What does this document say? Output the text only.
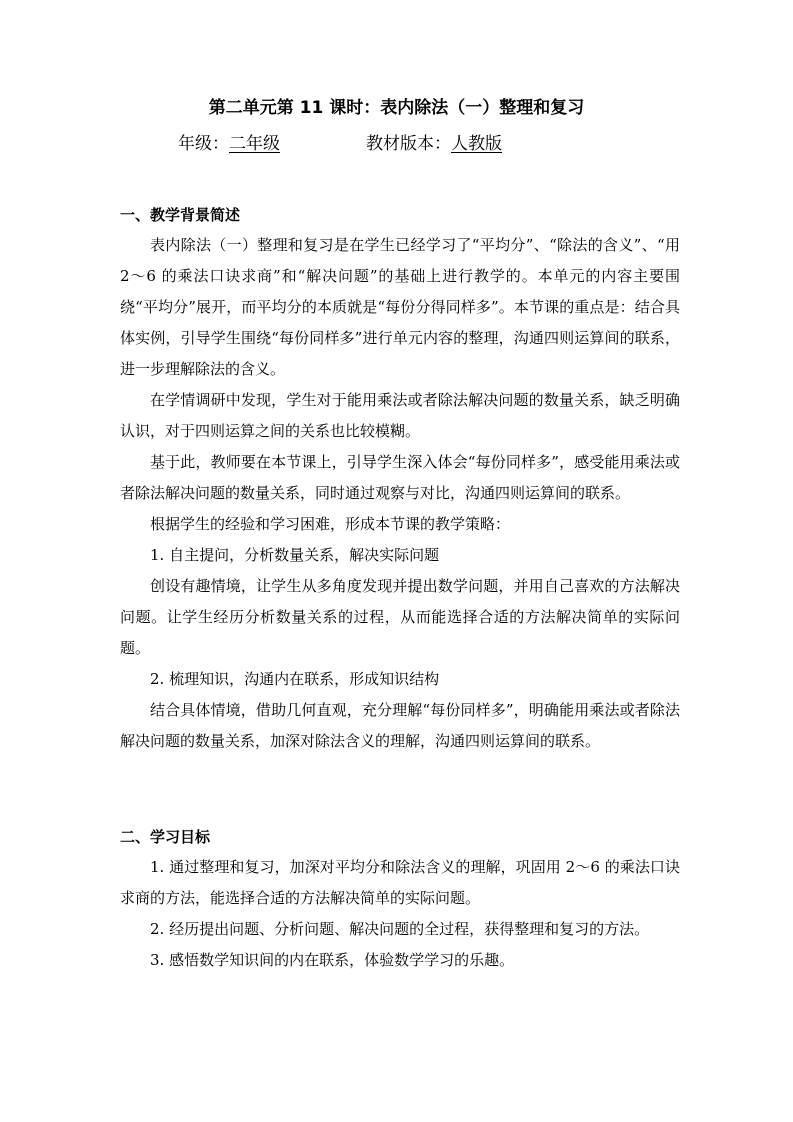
第二单元第 11 课时：表内除法（一）整理和复习
年级：二年级	教材版本：人教版

一、教学背景简述

表内除法（一）整理和复习是在学生已经学习了“平均分”、“除法的含义”、“用 2～6 的乘法口诀求商”和“解决问题”的基础上进行教学的。本单元的内容主要围绕“平均分”展开，而平均分的本质就是“每份分得同样多”。本节课的重点是：结合具体实例，引导学生围绕“每份同样多”进行单元内容的整理，沟通四则运算间的联系，进一步理解除法的含义。

在学情调研中发现，学生对于能用乘法或者除法解决问题的数量关系，缺乏明确认识，对于四则运算之间的关系也比较模糊。

基于此，教师要在本节课上，引导学生深入体会“每份同样多”，感受能用乘法或者除法解决问题的数量关系，同时通过观察与对比，沟通四则运算间的联系。

根据学生的经验和学习困难，形成本节课的教学策略：

1. 自主提问，分析数量关系，解决实际问题

创设有趣情境，让学生从多角度发现并提出数学问题，并用自己喜欢的方法解决问题。让学生经历分析数量关系的过程，从而能选择合适的方法解决简单的实际问题。

2. 梳理知识，沟通内在联系，形成知识结构

结合具体情境，借助几何直观，充分理解“每份同样多”，明确能用乘法或者除法解决问题的数量关系，加深对除法含义的理解，沟通四则运算间的联系。

二、学习目标

1. 通过整理和复习，加深对平均分和除法含义的理解，巩固用 2～6 的乘法口诀求商的方法，能选择合适的方法解决简单的实际问题。

2. 经历提出问题、分析问题、解决问题的全过程，获得整理和复习的方法。

3. 感悟数学知识间的内在联系，体验数学学习的乐趣。
